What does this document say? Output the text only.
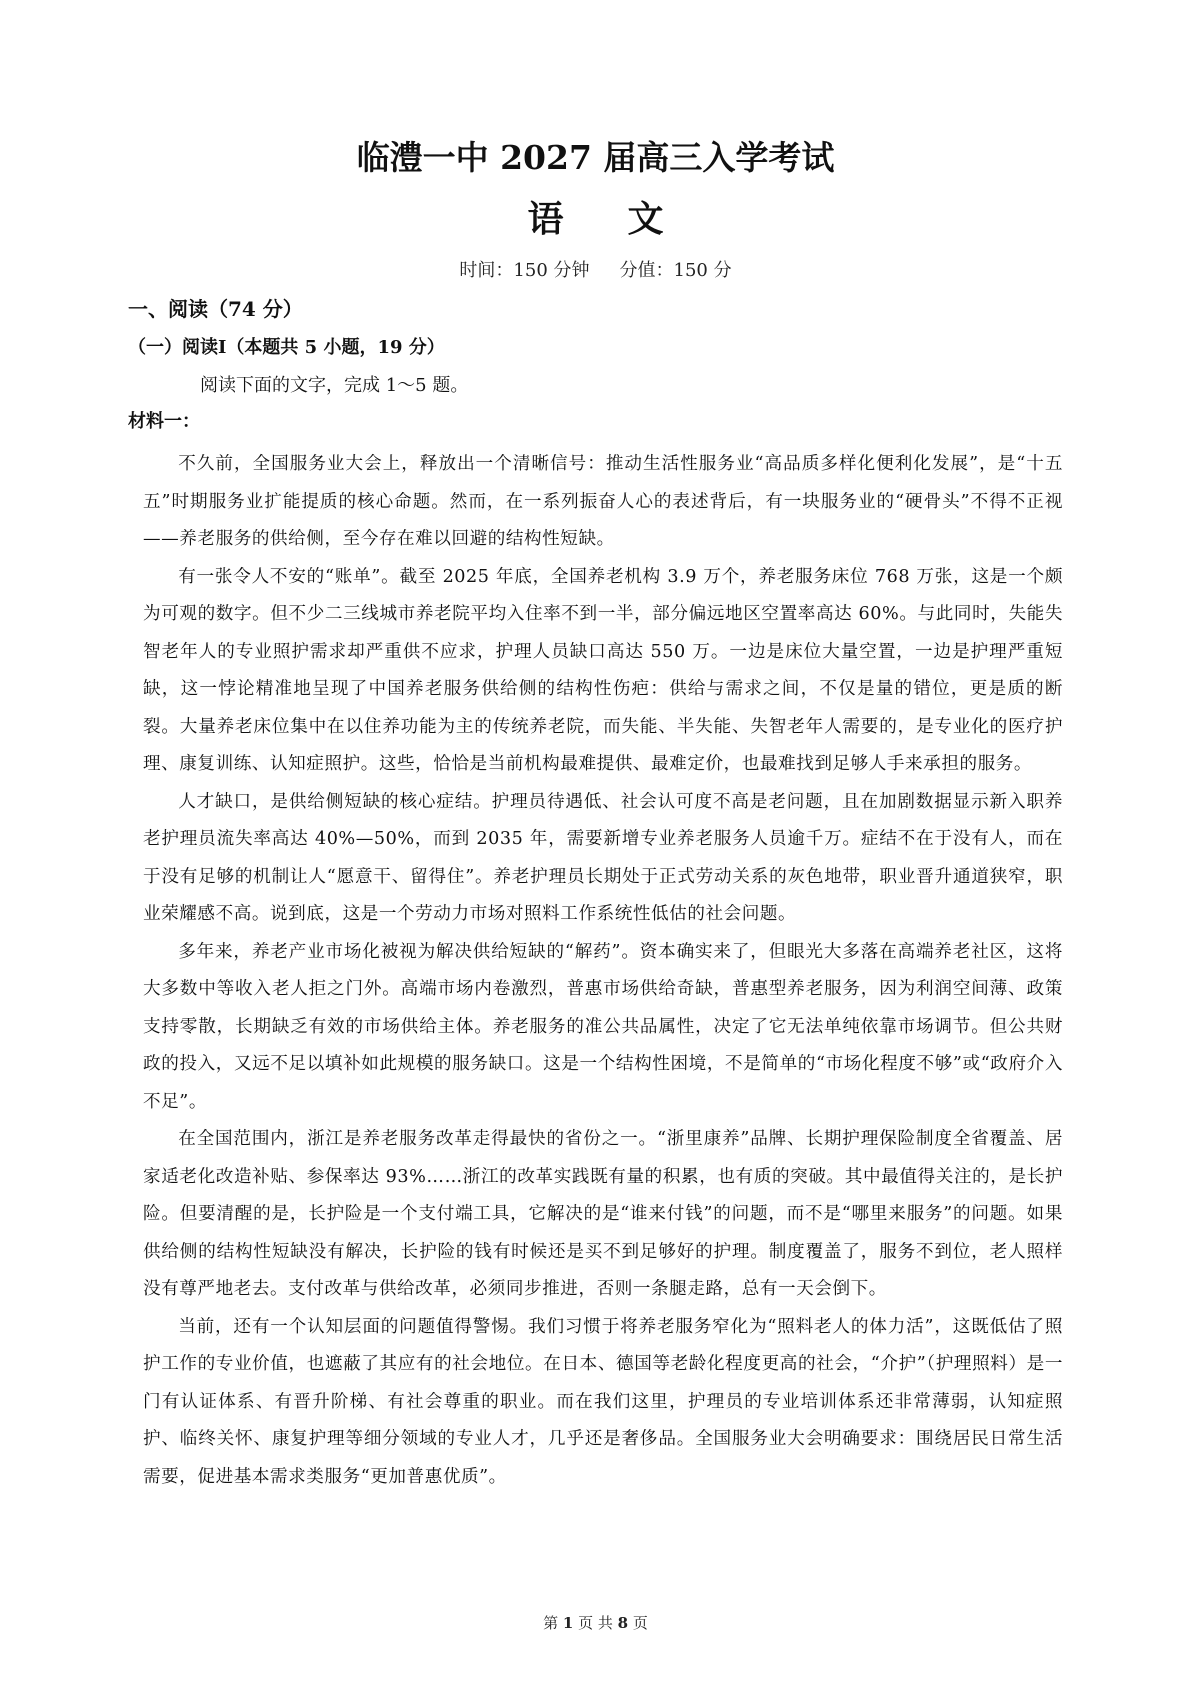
临澧一中 2027 届高三入学考试
语 文
时间：150 分钟 分值：150 分
一、阅读（74 分）
（一）阅读Ⅰ（本题共 5 小题，19 分）
阅读下面的文字，完成 1～5 题。
材料一：

不久前，全国服务业大会上，释放出一个清晰信号：推动生活性服务业“高品质多样化便利化发展”，是“十五五”时期服务业扩能提质的核心命题。然而，在一系列振奋人心的表述背后，有一块服务业的“硬骨头”不得不正视——养老服务的供给侧，至今存在难以回避的结构性短缺。

有一张令人不安的“账单”。截至 2025 年底，全国养老机构 3.9 万个，养老服务床位 768 万张，这是一个颇为可观的数字。但不少二三线城市养老院平均入住率不到一半，部分偏远地区空置率高达 60%。与此同时，失能失智老年人的专业照护需求却严重供不应求，护理人员缺口高达 550 万。一边是床位大量空置，一边是护理严重短缺，这一悖论精准地呈现了中国养老服务供给侧的结构性伤疤：供给与需求之间，不仅是量的错位，更是质的断裂。大量养老床位集中在以住养功能为主的传统养老院，而失能、半失能、失智老年人需要的，是专业化的医疗护理、康复训练、认知症照护。这些，恰恰是当前机构最难提供、最难定价，也最难找到足够人手来承担的服务。

人才缺口，是供给侧短缺的核心症结。护理员待遇低、社会认可度不高是老问题，且在加剧数据显示新入职养老护理员流失率高达 40%—50%，而到 2035 年，需要新增专业养老服务人员逾千万。症结不在于没有人，而在于没有足够的机制让人“愿意干、留得住”。养老护理员长期处于正式劳动关系的灰色地带，职业晋升通道狭窄，职业荣耀感不高。说到底，这是一个劳动力市场对照料工作系统性低估的社会问题。

多年来，养老产业市场化被视为解决供给短缺的“解药”。资本确实来了，但眼光大多落在高端养老社区，这将大多数中等收入老人拒之门外。高端市场内卷激烈，普惠市场供给奇缺，普惠型养老服务，因为利润空间薄、政策支持零散，长期缺乏有效的市场供给主体。养老服务的准公共品属性，决定了它无法单纯依靠市场调节。但公共财政的投入，又远不足以填补如此规模的服务缺口。这是一个结构性困境，不是简单的“市场化程度不够”或“政府介入不足”。

在全国范围内，浙江是养老服务改革走得最快的省份之一。“浙里康养”品牌、长期护理保险制度全省覆盖、居家适老化改造补贴、参保率达 93%……浙江的改革实践既有量的积累，也有质的突破。其中最值得关注的，是长护险。但要清醒的是，长护险是一个支付端工具，它解决的是“谁来付钱”的问题，而不是“哪里来服务”的问题。如果供给侧的结构性短缺没有解决，长护险的钱有时候还是买不到足够好的护理。制度覆盖了，服务不到位，老人照样没有尊严地老去。支付改革与供给改革，必须同步推进，否则一条腿走路，总有一天会倒下。

当前，还有一个认知层面的问题值得警惕。我们习惯于将养老服务窄化为“照料老人的体力活”，这既低估了照护工作的专业价值，也遮蔽了其应有的社会地位。在日本、德国等老龄化程度更高的社会，“介护”（护理照料）是一门有认证体系、有晋升阶梯、有社会尊重的职业。而在我们这里，护理员的专业培训体系还非常薄弱，认知症照护、临终关怀、康复护理等细分领域的专业人才，几乎还是奢侈品。全国服务业大会明确要求：围绕居民日常生活需要，促进基本需求类服务“更加普惠优质”。

第 1 页 共 8 页
